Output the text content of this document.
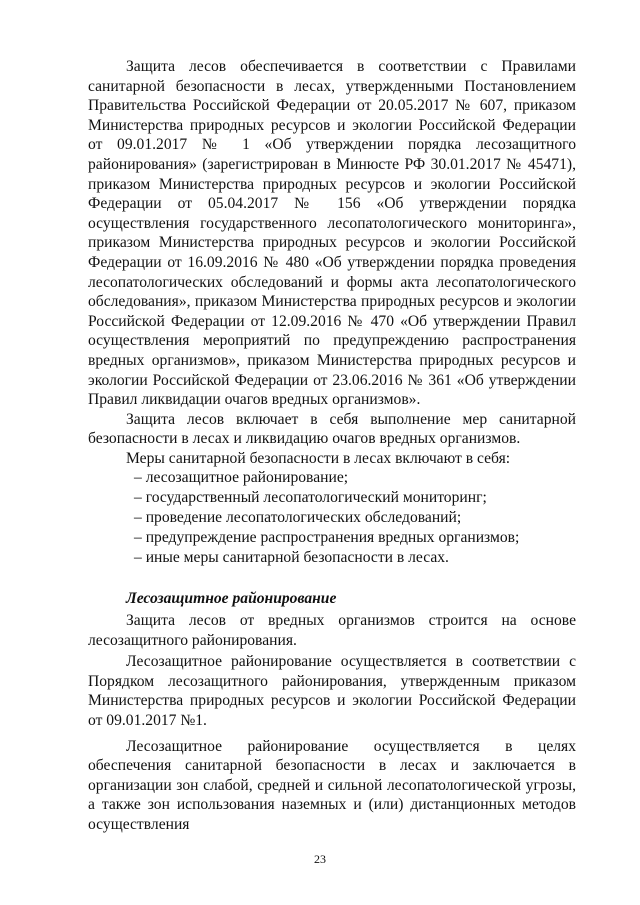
Защита лесов обеспечивается в соответствии с Правилами санитарной безопасности в лесах, утвержденными Постановлением Правительства Российской Федерации от 20.05.2017 № 607, приказом Министерства природных ресурсов и экологии Российской Федерации от 09.01.2017 № 1 «Об утверждении порядка лесозащитного районирования» (зарегистрирован в Минюсте РФ 30.01.2017 № 45471), приказом Министерства природных ресурсов и экологии Российской Федерации от 05.04.2017 № 156 «Об утверждении порядка осуществления государственного лесопатологического мониторинга», приказом Министерства природных ресурсов и экологии Российской Федерации от 16.09.2016 № 480 «Об утверждении порядка проведения лесопатологических обследований и формы акта лесопатологического обследования», приказом Министерства природных ресурсов и экологии Российской Федерации от 12.09.2016 № 470 «Об утверждении Правил осуществления мероприятий по предупреждению распространения вредных организмов», приказом Министерства природных ресурсов и экологии Российской Федерации от 23.06.2016 № 361 «Об утверждении Правил ликвидации очагов вредных организмов».

Защита лесов включает в себя выполнение мер санитарной безопасности в лесах и ликвидацию очагов вредных организмов.

Меры санитарной безопасности в лесах включают в себя:

– лесозащитное районирование;
– государственный лесопатологический мониторинг;
– проведение лесопатологических обследований;
– предупреждение распространения вредных организмов;
– иные меры санитарной безопасности в лесах.

Лесозащитное районирование

Защита лесов от вредных организмов строится на основе лесозащитного районирования.

Лесозащитное районирование осуществляется в соответствии с Порядком лесозащитного районирования, утвержденным приказом Министерства природных ресурсов и экологии Российской Федерации от 09.01.2017 №1.

Лесозащитное районирование осуществляется в целях обеспечения санитарной безопасности в лесах и заключается в организации зон слабой, средней и сильной лесопатологической угрозы, а также зон использования наземных и (или) дистанционных методов осуществления

23
